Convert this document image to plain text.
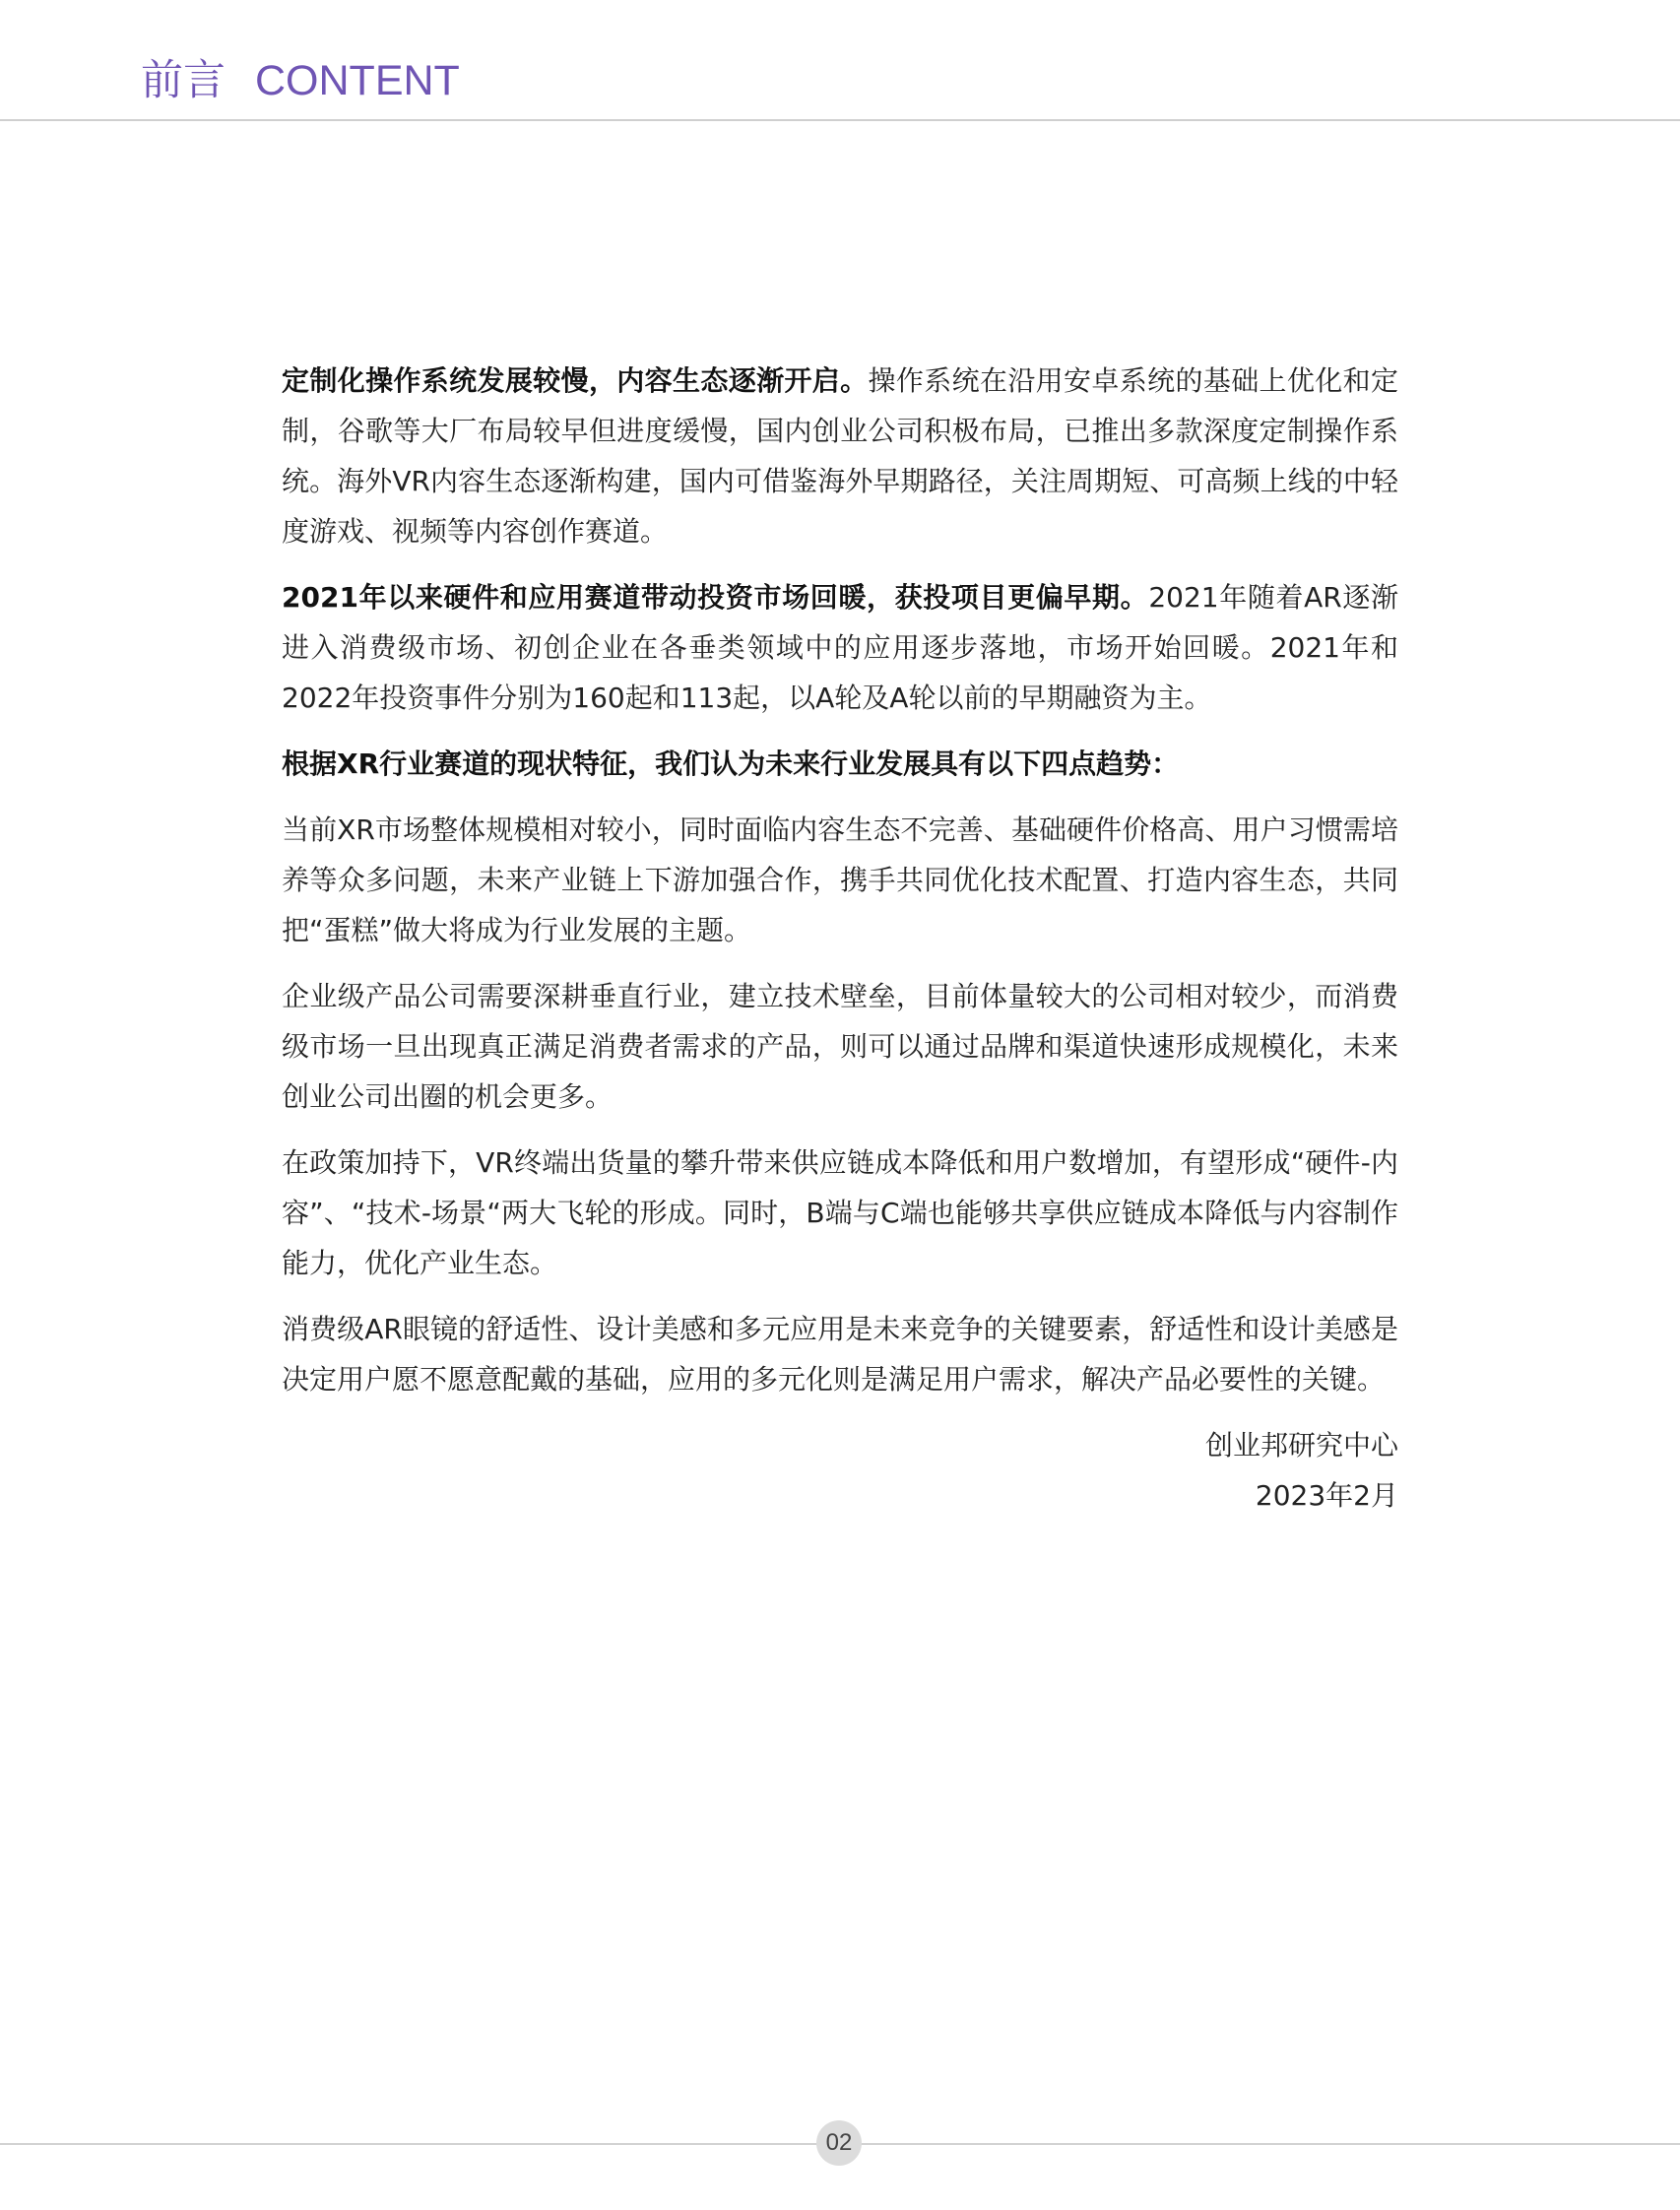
前言 CONTENT

定制化操作系统发展较慢，内容生态逐渐开启。操作系统在沿用安卓系统的基础上优化和定制，谷歌等大厂布局较早但进度缓慢，国内创业公司积极布局，已推出多款深度定制操作系统。海外VR内容生态逐渐构建，国内可借鉴海外早期路径，关注周期短、可高频上线的中轻度游戏、视频等内容创作赛道。

2021年以来硬件和应用赛道带动投资市场回暖，获投项目更偏早期。2021年随着AR逐渐进入消费级市场、初创企业在各垂类领域中的应用逐步落地，市场开始回暖。2021年和2022年投资事件分别为160起和113起，以A轮及A轮以前的早期融资为主。

根据XR行业赛道的现状特征，我们认为未来行业发展具有以下四点趋势：

当前XR市场整体规模相对较小，同时面临内容生态不完善、基础硬件价格高、用户习惯需培养等众多问题，未来产业链上下游加强合作，携手共同优化技术配置、打造内容生态，共同把“蛋糕”做大将成为行业发展的主题。

企业级产品公司需要深耕垂直行业，建立技术壁垒，目前体量较大的公司相对较少，而消费级市场一旦出现真正满足消费者需求的产品，则可以通过品牌和渠道快速形成规模化，未来创业公司出圈的机会更多。

在政策加持下，VR终端出货量的攀升带来供应链成本降低和用户数增加，有望形成“硬件-内容”、“技术-场景“两大飞轮的形成。同时，B端与C端也能够共享供应链成本降低与内容制作能力，优化产业生态。

消费级AR眼镜的舒适性、设计美感和多元应用是未来竞争的关键要素，舒适性和设计美感是决定用户愿不愿意配戴的基础，应用的多元化则是满足用户需求，解决产品必要性的关键。

创业邦研究中心
2023年2月
02
